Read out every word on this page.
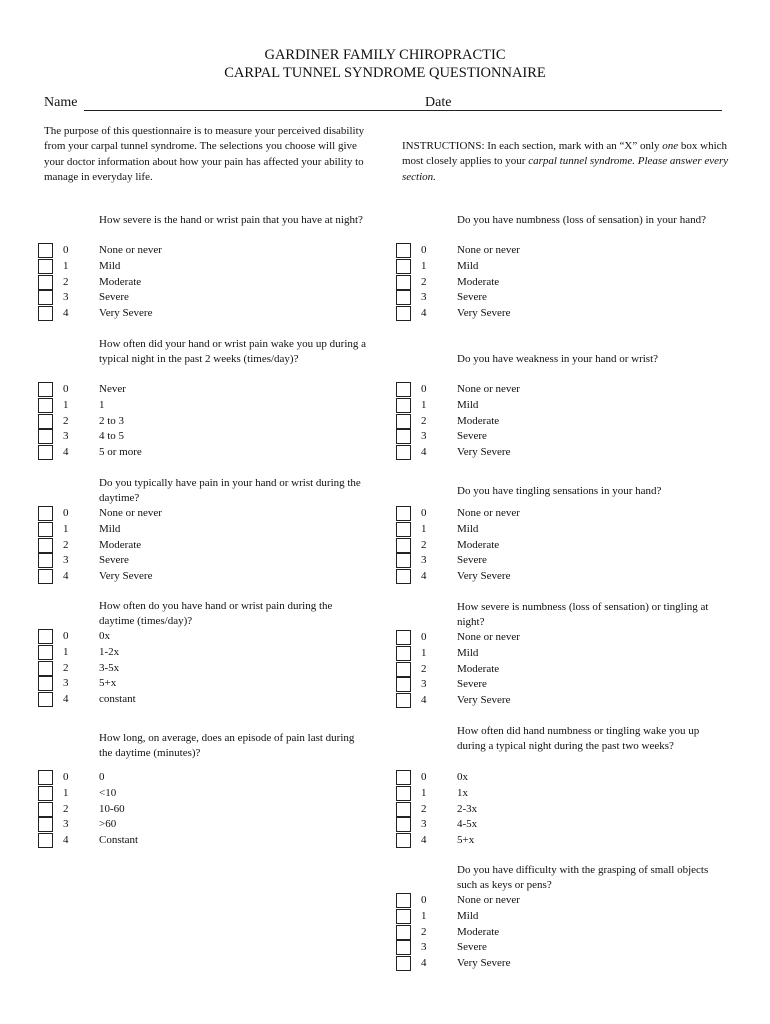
GARDINER FAMILY CHIROPRACTIC
CARPAL TUNNEL SYNDROME QUESTIONNAIRE
Name	Date
The purpose of this questionnaire is to measure your perceived disability from your carpal tunnel syndrome. The selections you choose will give your doctor information about how your pain has affected your ability to manage in everyday life.
INSTRUCTIONS: In each section, mark with an “X” only one box which most closely applies to your carpal tunnel syndrome. Please answer every section.
How severe is the hand or wrist pain that you have at night?
0	None or never
1	Mild
2	Moderate
3	Severe
4	Very Severe
How often did your hand or wrist pain wake you up during a typical night in the past 2 weeks (times/day)?
0	Never
1	1
2	2 to 3
3	4 to 5
4	5 or more
Do you typically have pain in your hand or wrist during the daytime?
0	None or never
1	Mild
2	Moderate
3	Severe
4	Very Severe
How often do you have hand or wrist pain during the daytime (times/day)?
0	0x
1	1-2x
2	3-5x
3	5+x
4	constant
How long, on average, does an episode of pain last during the daytime (minutes)?
0	0
1	<10
2	10-60
3	>60
4	Constant
Do you have numbness (loss of sensation) in your hand?
0	None or never
1	Mild
2	Moderate
3	Severe
4	Very Severe
Do you have weakness in your hand or wrist?
0	None or never
1	Mild
2	Moderate
3	Severe
4	Very Severe
Do you have tingling sensations in your hand?
0	None or never
1	Mild
2	Moderate
3	Severe
4	Very Severe
How severe is numbness (loss of sensation) or tingling at night?
0	None or never
1	Mild
2	Moderate
3	Severe
4	Very Severe
How often did hand numbness or tingling wake you up during a typical night during the past two weeks?
0	0x
1	1x
2	2-3x
3	4-5x
4	5+x
Do you have difficulty with the grasping of small objects such as keys or pens?
0	None or never
1	Mild
2	Moderate
3	Severe
4	Very Severe
